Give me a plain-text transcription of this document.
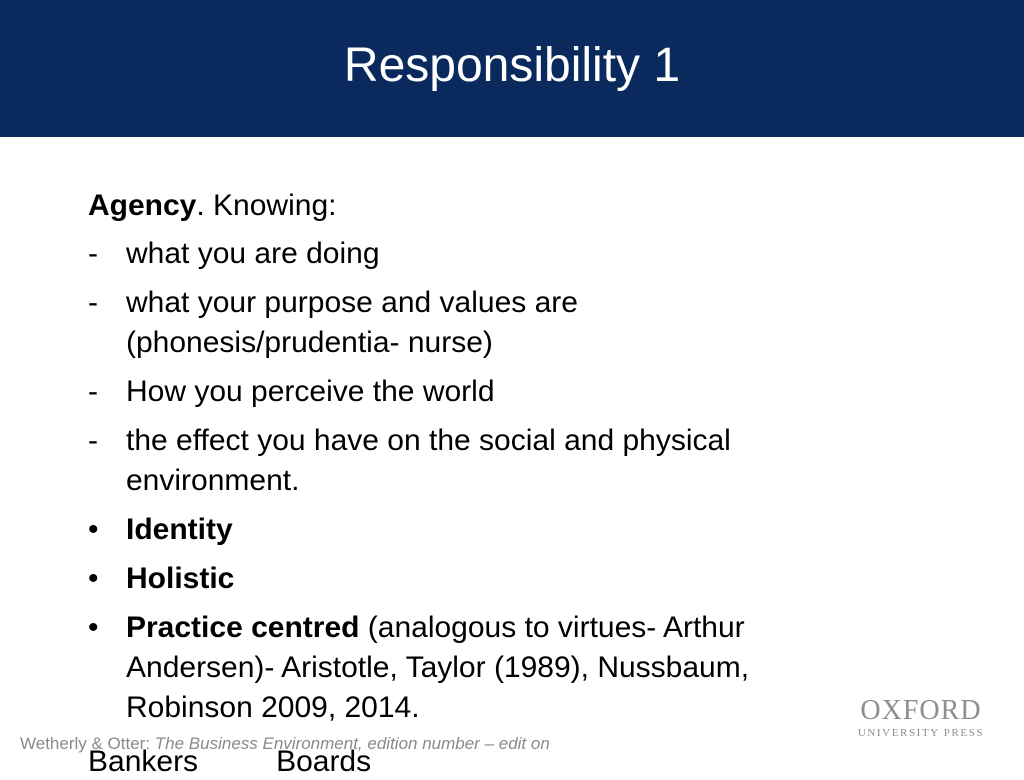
Responsibility 1
Agency. Knowing:
- what you are doing
- what your purpose and values are (phonesis/prudentia- nurse)
- How you perceive the world
- the effect you have on the social and physical environment.
• Identity
• Holistic
• Practice centred (analogous to virtues- Arthur Andersen)- Aristotle, Taylor (1989), Nussbaum, Robinson 2009, 2014.
Wetherly & Otter: The Business Environment, edition number – edit on
Bankers	Boards
OXFORD
UNIVERSITY PRESS
